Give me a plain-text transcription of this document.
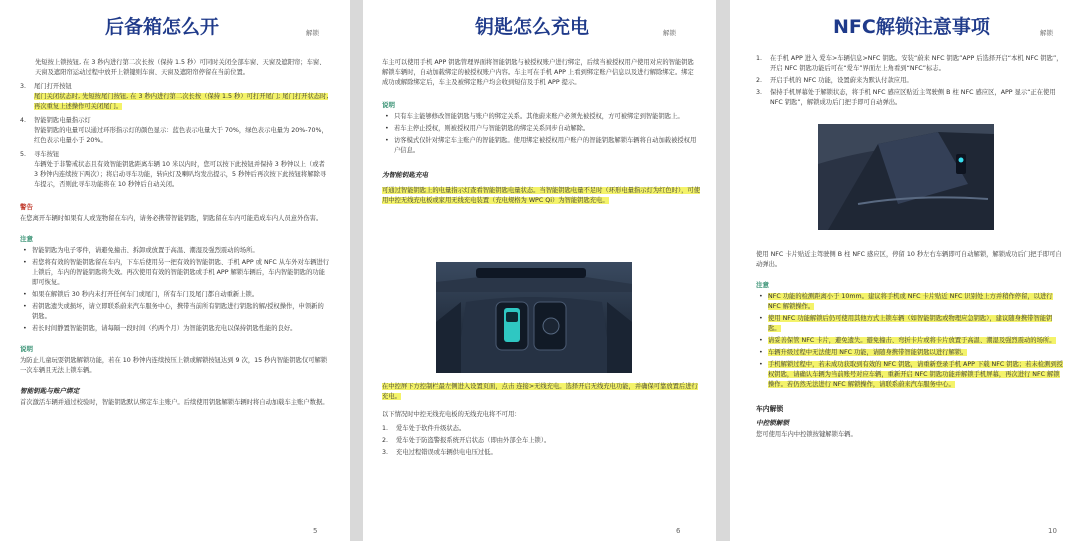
后备箱怎么开	解锁

先短按上锁按钮, 在 3 秒内进行第二次长按（保持 1.5 秒）可同时关闭全部车窗、天窗及遮阳帘；车窗、天窗及遮阳帘运动过程中放开上锁键则车窗、天窗及遮阳帘停留在当前位置。

3. 尾门打开按钮
尾门关闭状态时, 先短按尾门按钮, 在 3 秒内进行第二次长按（保持 1.5 秒）可打开尾门; 尾门打开状态时, 再次重复上述操作可关闭尾门。
4. 智能钥匙电量指示灯
智能钥匙的电量可以通过环形指示灯的颜色显示：蓝色表示电量大于 70%，绿色表示电量为 20%-70%，红色表示电量小于 20%。
5. 寻车按钮
车辆处于非警戒状态且有效智能钥匙距离车辆 10 米以内时，您可以按下此按钮并保持 3 秒钟以上（或者 3 秒钟内连续按下两次）；将启动寻车功能，转向灯及喇叭均发出提示，5 秒钟后再次按下此按钮将解除寻车提示，否则此寻车功能将在 10 秒钟后自动关闭。
警告

在您离开车辆时如果有人或宠物留在车内，请务必携带智能钥匙，钥匙留在车内可能造成车内人员意外伤害。

注意
• 智能钥匙为电子零件，请避免撞击、拆卸或放置于高温、潮湿及强烈震动的场所。
• 若您将有效的智能钥匙留在车内，下车后使用另一把有效的智能钥匙、手机 APP 或 NFC 从车外对车辆进行上锁后，车内的智能钥匙将失效。再次使用有效的智能钥匙或手机 APP 解锁车辆后，车内智能钥匙的功能即可恢复。
• 如果在解锁后 30 秒内未打开任何车门或尾门，所有车门及尾门都自动重新上锁。
• 若钥匙遗失或损坏，请立即联系蔚来汽车服务中心，携带当前所有钥匙进行钥匙的解/授权操作，申领新的钥匙。
• 若长时间静置智能钥匙，请每隔一段时间（约两个月）为智能钥匙充电以保持钥匙性能的良好。
说明

为防止儿童玩耍钥匙解锁功能，若在 10 秒钟内连续按压上锁或解锁按钮达到 9 次，15 秒内智能钥匙仅可解锁一次车辆且无法上锁车辆。

智能钥匙与账户绑定

首次激活车辆并通过校验时，智能钥匙默认绑定车主账户。后续使用钥匙解锁车辆时将自动加载车主账户数据。

5
钥匙怎么充电	解锁

车主可以使用手机 APP 钥匙管理界面将智能钥匙与被授权账户进行绑定，后续当被授权用户使用对应的智能钥匙解锁车辆时，自动加载绑定的被授权账户内容。车主可在手机 APP 上看到绑定账户信息以及进行解除绑定。绑定成功或解除绑定后，车主及被绑定账户均会收到短信及手机 APP 提示。

说明
• 只有车主能够修改智能钥匙与账户的绑定关系。其他蔚来账户必须先被授权，方可被绑定到智能钥匙上。
• 若车主停止授权，则被授权用户与智能钥匙的绑定关系同步自动解除。
• 访客模式仅针对绑定车主账户的智能钥匙。使用绑定被授权用户账户的智能钥匙解锁车辆将自动加载被授权用户信息。
为智能钥匙充电

可通过智能钥匙上的电量指示灯查看智能钥匙电量状态。当智能钥匙电量不足时（环形电量指示灯为红色时），可使用中控无线充电板或家用无线充电装置（充电规格为 WPC Qi）为智能钥匙充电。

在中控屏下方控制栏最左侧进入设置页面，点击 连接>无线充电。选择开启无线充电功能，并确保可靠放置后进行充电。

以下情况时中控无线充电板的无线充电将不可用：

1. 爱车处于软件升级状态。
2. 爱车处于防盗警报系统开启状态（即由外部全车上锁）。
3. 充电过程错误或车辆供电电压过低。
6
NFC解锁注意事项	解锁
1. 在手机 APP 进入 爱车>车辆信息>NFC 钥匙。安装“蔚来 NFC 钥匙”APP 后选择开启“本机 NFC 钥匙”，开启 NFC 钥匙功能后可在“爱车”界面左上角看到“NFC”标志。
2. 开启手机的 NFC 功能，设置蔚来为默认付款应用。
3. 保持手机屏幕处于解锁状态，将手机 NFC 感应区贴近主驾驶侧 B 柱 NFC 感应区，APP 显示“正在使用 NFC 钥匙”，解锁成功后门把手即可自动弹出。

使用 NFC 卡片贴近主驾驶侧 B 柱 NFC 感应区，停留 10 秒左右车辆即可自动解锁，解锁成功后门把手即可自动弹出。

注意
• NFC 功能的检测距离小于 10mm。建议将手机或 NFC 卡片贴近 NFC 识别处上方并稍作停留，以进行 NFC 解锁操作。
• 使用 NFC 功能解锁后仍可使用其他方式上锁车辆（如智能钥匙或物理应急钥匙），建议随身携带智能钥匙。
• 请妥善保管 NFC 卡片，避免遗失。避免撞击、弯折卡片或将卡片放置于高温、潮湿及强烈震动的场所。
• 车辆升级过程中无法使用 NFC 功能，请随身携带智能钥匙以进行解锁。
• 手机解锁过程中，若未成功获取到有效的 NFC 钥匙，请重新登录手机 APP 下载 NFC 钥匙；若未检测到授权钥匙，请确认车辆为当前账号对应车辆，重新开启 NFC 钥匙功能并解锁手机屏幕，再次进行 NFC 解锁操作。若仍然无法进行 NFC 解锁操作，请联系蔚来汽车服务中心。
车内解锁
中控锁解锁

您可使用车内中控锁按键解锁车辆。

10
